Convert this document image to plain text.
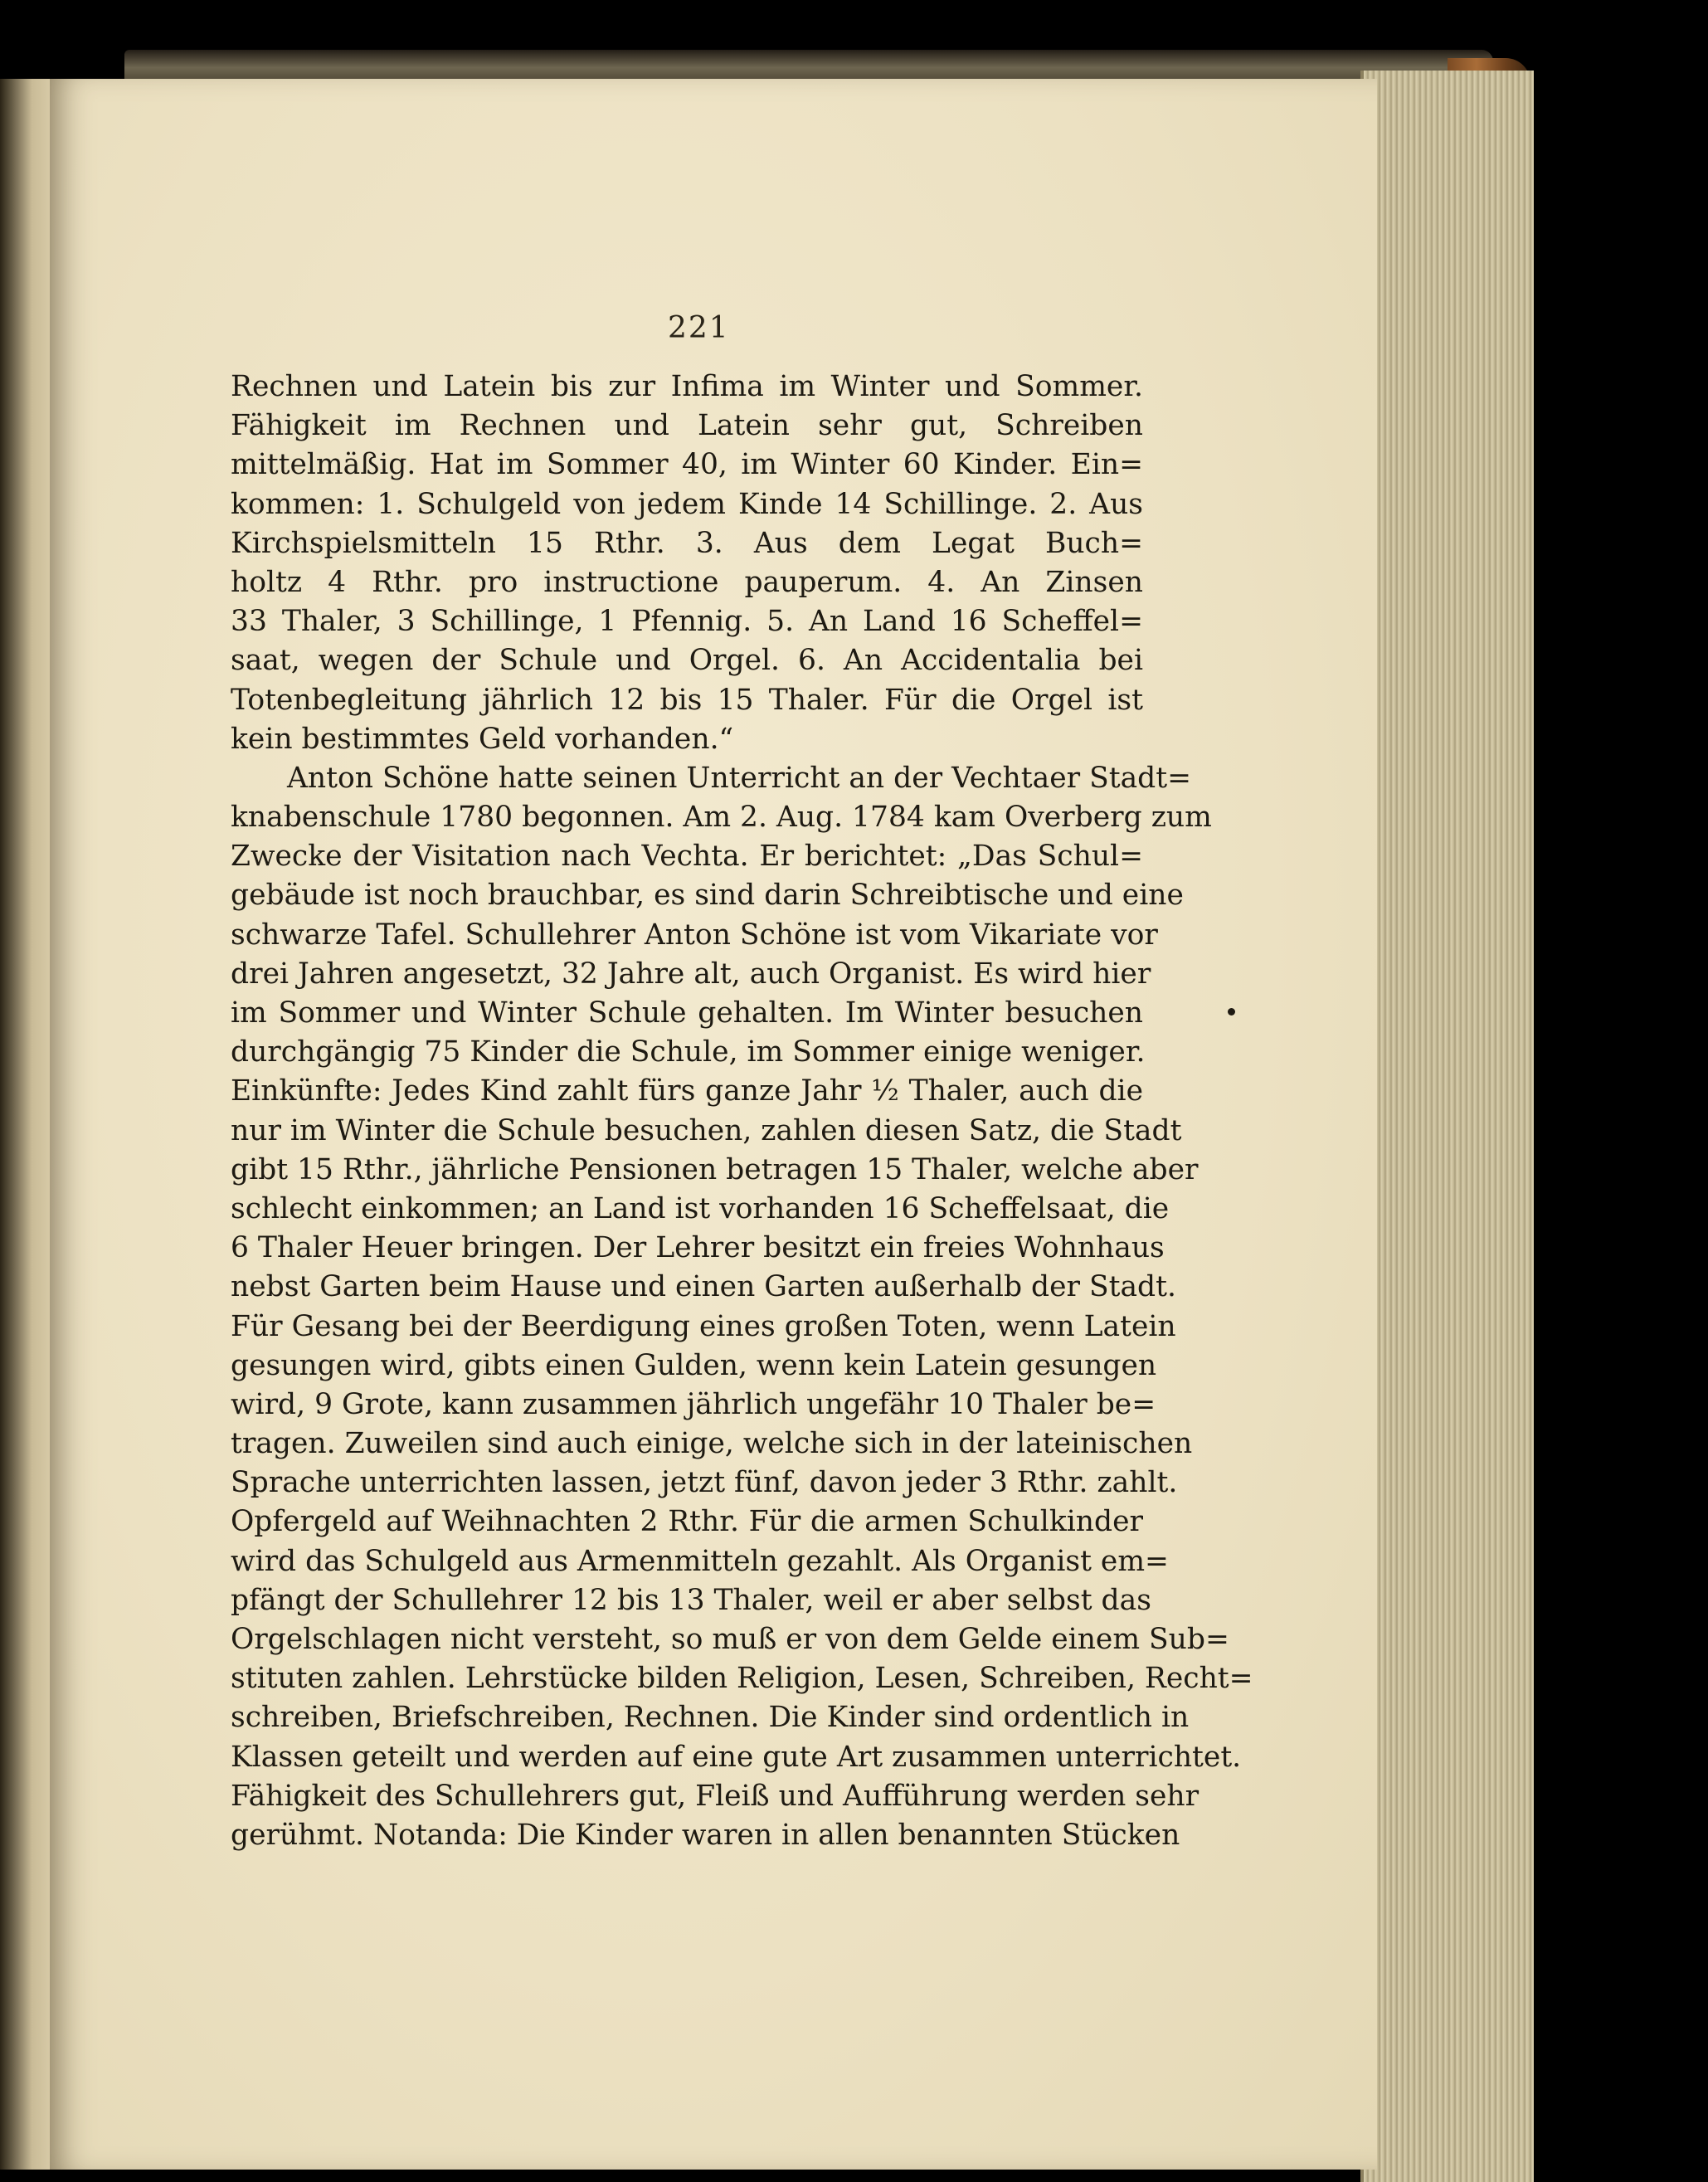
221
Rechnen und Latein bis zur Infima im Winter und Sommer.
Fähigkeit im Rechnen und Latein sehr gut, Schreiben
mittelmäßig. Hat im Sommer 40, im Winter 60 Kinder. Ein=
kommen: 1. Schulgeld von jedem Kinde 14 Schillinge. 2. Aus
Kirchspielsmitteln 15 Rthr. 3. Aus dem Legat Buch=
holtz 4 Rthr. pro instructione pauperum. 4. An Zinsen
33 Thaler, 3 Schillinge, 1 Pfennig. 5. An Land 16 Scheffel=
saat, wegen der Schule und Orgel. 6. An Accidentalia bei
Totenbegleitung jährlich 12 bis 15 Thaler. Für die Orgel ist
kein bestimmtes Geld vorhanden.“
Anton Schöne hatte seinen Unterricht an der Vechtaer Stadt=
knabenschule 1780 begonnen. Am 2. Aug. 1784 kam Overberg zum
Zwecke der Visitation nach Vechta. Er berichtet: „Das Schul=
gebäude ist noch brauchbar, es sind darin Schreibtische und eine
schwarze Tafel. Schullehrer Anton Schöne ist vom Vikariate vor
drei Jahren angesetzt, 32 Jahre alt, auch Organist. Es wird hier
im Sommer und Winter Schule gehalten. Im Winter besuchen
durchgängig 75 Kinder die Schule, im Sommer einige weniger.
Einkünfte: Jedes Kind zahlt fürs ganze Jahr ½ Thaler, auch die
nur im Winter die Schule besuchen, zahlen diesen Satz, die Stadt
gibt 15 Rthr., jährliche Pensionen betragen 15 Thaler, welche aber
schlecht einkommen; an Land ist vorhanden 16 Scheffelsaat, die
6 Thaler Heuer bringen. Der Lehrer besitzt ein freies Wohnhaus
nebst Garten beim Hause und einen Garten außerhalb der Stadt.
Für Gesang bei der Beerdigung eines großen Toten, wenn Latein
gesungen wird, gibts einen Gulden, wenn kein Latein gesungen
wird, 9 Grote, kann zusammen jährlich ungefähr 10 Thaler be=
tragen. Zuweilen sind auch einige, welche sich in der lateinischen
Sprache unterrichten lassen, jetzt fünf, davon jeder 3 Rthr. zahlt.
Opfergeld auf Weihnachten 2 Rthr. Für die armen Schulkinder
wird das Schulgeld aus Armenmitteln gezahlt. Als Organist em=
pfängt der Schullehrer 12 bis 13 Thaler, weil er aber selbst das
Orgelschlagen nicht versteht, so muß er von dem Gelde einem Sub=
stituten zahlen. Lehrstücke bilden Religion, Lesen, Schreiben, Recht=
schreiben, Briefschreiben, Rechnen. Die Kinder sind ordentlich in
Klassen geteilt und werden auf eine gute Art zusammen unterrichtet.
Fähigkeit des Schullehrers gut, Fleiß und Aufführung werden sehr
gerühmt. Notanda: Die Kinder waren in allen benannten Stücken
